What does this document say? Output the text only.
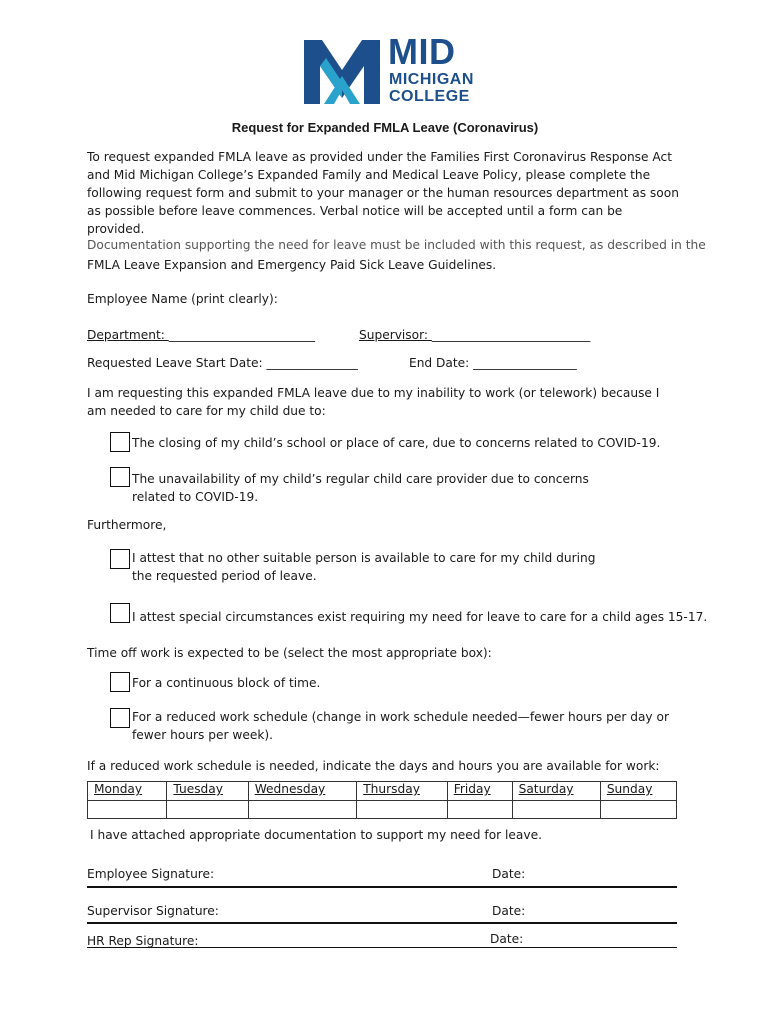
MID
MICHIGAN
COLLEGE
Request for Expanded FMLA Leave (Coronavirus)
To request expanded FMLA leave as provided under the Families First Coronavirus Response Act and Mid Michigan College’s Expanded Family and Medical Leave Policy, please complete the following request form and submit to your manager or the human resources department as soon as possible before leave commences. Verbal notice will be accepted until a form can be provided.
Documentation supporting the need for leave must be included with this request, as described in the
FMLA Leave Expansion and Emergency Paid Sick Leave Guidelines.
Employee Name (print clearly):
Department: ________________________	Supervisor: __________________________
Requested Leave Start Date: _______________	End Date: _________________
I am requesting this expanded FMLA leave due to my inability to work (or telework) because I am needed to care for my child due to:
The closing of my child’s school or place of care, due to concerns related to COVID-19.
The unavailability of my child’s regular child care provider due to concerns related to COVID-19.
Furthermore,
I attest that no other suitable person is available to care for my child during the requested period of leave.
I attest special circumstances exist requiring my need for leave to care for a child ages 15-17.
Time off work is expected to be (select the most appropriate box):
For a continuous block of time.
For a reduced work schedule (change in work schedule needed—fewer hours per day or fewer hours per week).
If a reduced work schedule is needed, indicate the days and hours you are available for work:
Monday	Tuesday	Wednesday	Thursday	Friday	Saturday	Sunday

I have attached appropriate documentation to support my need for leave.
Employee Signature:	Date:
Supervisor Signature:	Date:
HR Rep Signature:	Date:
